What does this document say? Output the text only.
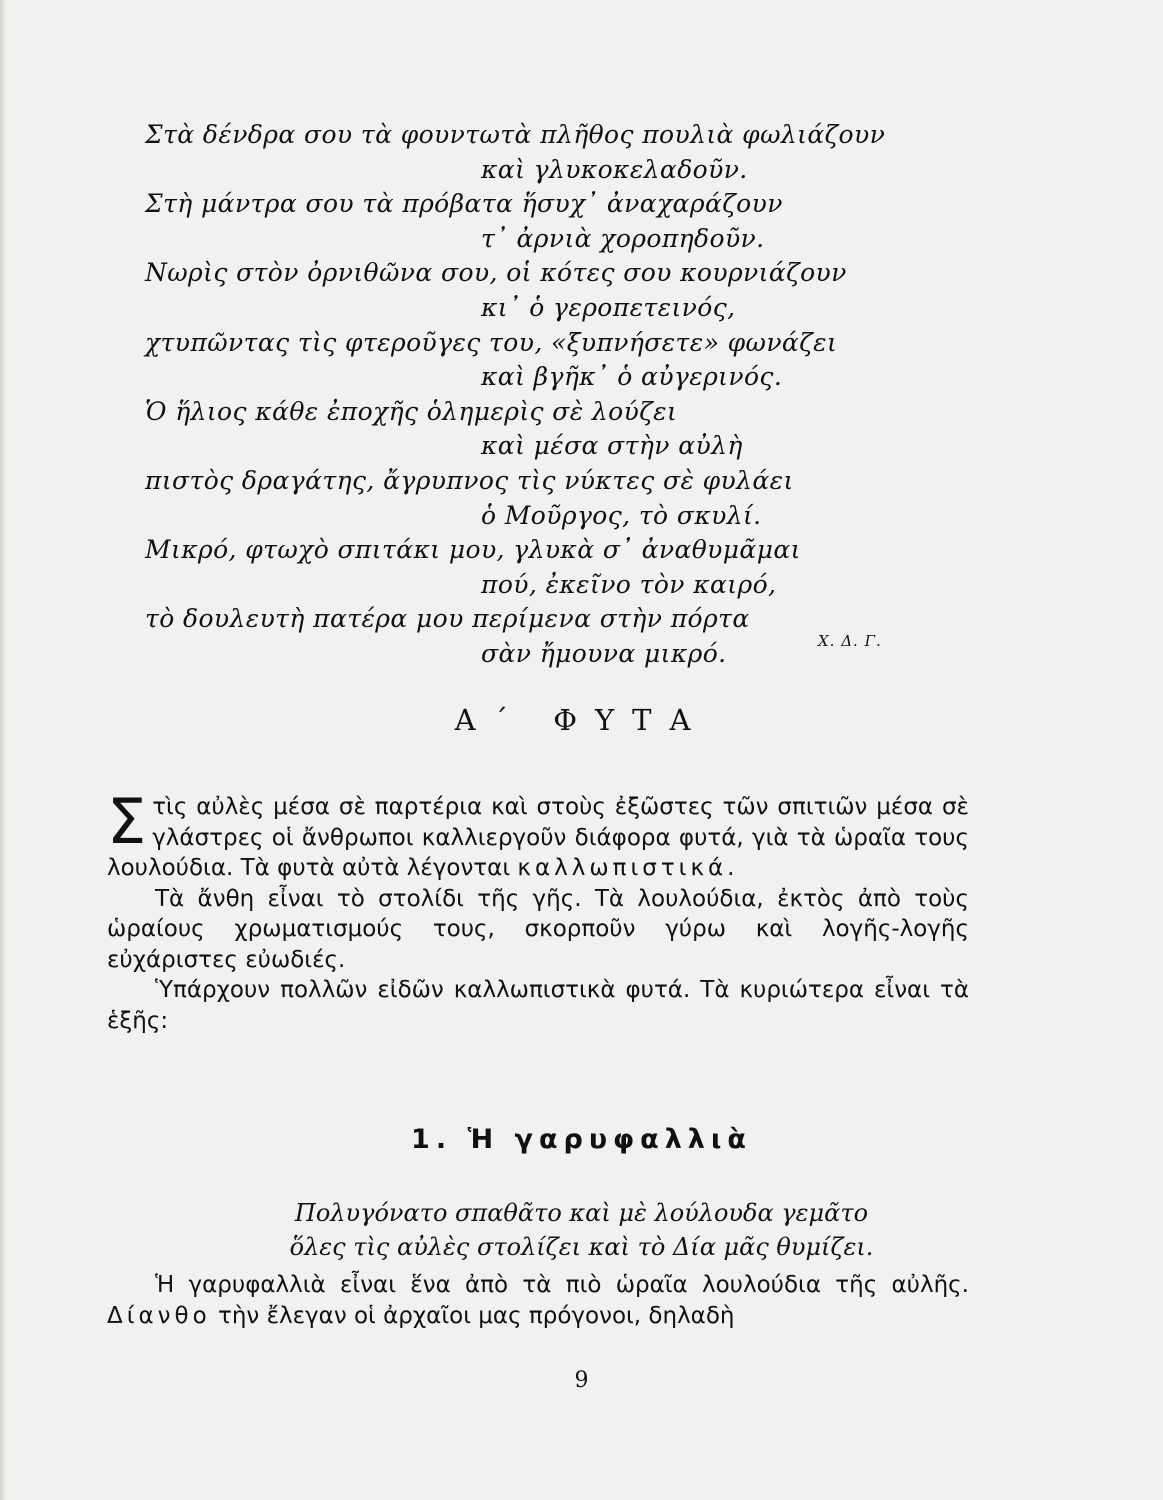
Στὰ δένδρα σου τὰ φουντωτὰ πλῆθος πουλιὰ φωλιάζουν
καὶ γλυκοκελαδοῦν.
Στὴ μάντρα σου τὰ πρόβατα ἥσυχ᾿ ἀναχαράζουν
τ᾿ ἀρνιὰ χοροπηδοῦν.
Νωρὶς στὸν ὀρνιθῶνα σου, οἱ κότες σου κουρνιάζουν
κι᾿ ὁ γεροπετεινός,
χτυπῶντας τὶς φτεροῦγες του, «ξυπνήσετε» φωνάζει
καὶ βγῆκ᾿ ὁ αὐγερινός.
Ὁ ἥλιος κάθε ἐποχῆς ὁλημερὶς σὲ λούζει
καὶ μέσα στὴν αὐλὴ
πιστὸς δραγάτης, ἄγρυπνος τὶς νύκτες σὲ φυλάει
ὁ Μοῦργος, τὸ σκυλί.
Μικρό, φτωχὸ σπιτάκι μου, γλυκὰ σ᾿ ἀναθυμᾶμαι
πού, ἐκεῖνο τὸν καιρό,
τὸ δουλευτὴ πατέρα μου περίμενα στὴν πόρτα
σὰν ἤμουνα μικρό.	Χ. Δ. Γ.
Α΄ ΦΥΤΑ

Στὶς αὐλὲς μέσα σὲ παρτέρια καὶ στοὺς ἐξῶστες τῶν σπιτιῶν μέσα σὲ γλάστρες οἱ ἄνθρωποι καλλιεργοῦν διάφορα φυτά, γιὰ τὰ ὡραῖα τους λουλούδια. Τὰ φυτὰ αὐτὰ λέγονται καλλωπιστικά.

Τὰ ἄνθη εἶναι τὸ στολίδι τῆς γῆς. Τὰ λουλούδια, ἐκτὸς ἀπὸ τοὺς ὡραίους χρωματισμούς τους, σκορποῦν γύρω καὶ λογῆς-λογῆς εὐχάριστες εὐωδιές.

Ὑπάρχουν πολλῶν εἰδῶν καλλωπιστικὰ φυτά. Τὰ κυριώτερα εἶναι τὰ ἑξῆς:

1. Ἡ γαρυφαλλιὰ
Πολυγόνατο σπαθᾶτο καὶ μὲ λούλουδα γεμᾶτο
ὅλες τὶς αὐλὲς στολίζει καὶ τὸ Δία μᾶς θυμίζει.

Ἡ γαρυφαλλιὰ εἶναι ἕνα ἀπὸ τὰ πιὸ ὡραῖα λουλούδια τῆς αὐλῆς. Δίανθο τὴν ἔλεγαν οἱ ἀρχαῖοι μας πρόγονοι, δηλαδὴ

9
